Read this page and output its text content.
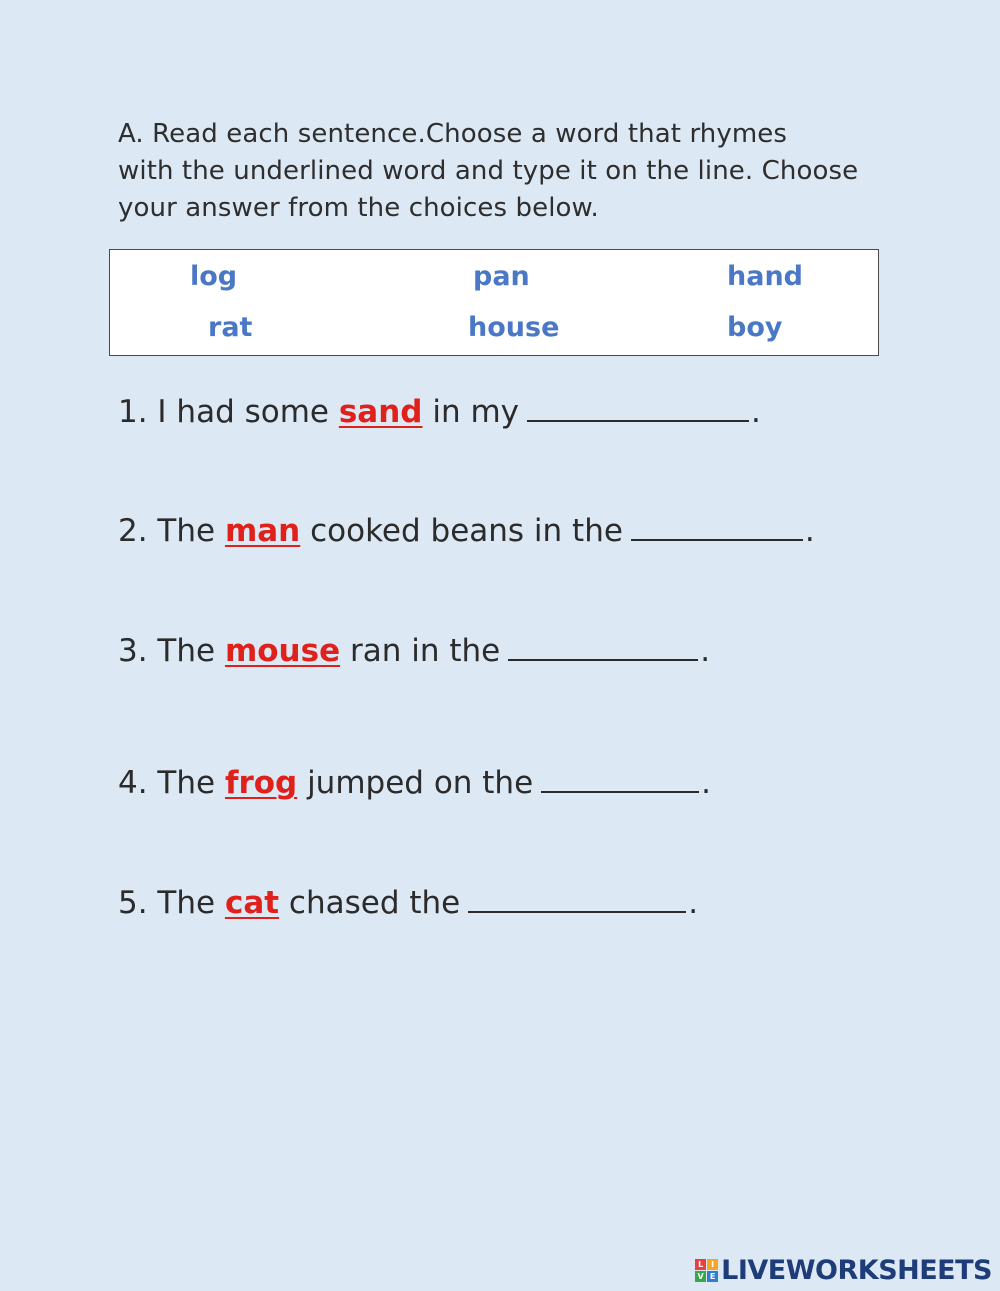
A. Read each sentence.Choose a word that rhymes
with the underlined word and type it on the line. Choose
your answer from the choices below.
log	pan	hand
rat	house	boy
1. I had some sand in my	.
2. The man cooked beans in the	.
3. The mouse ran in the	.
4. The frog jumped on the	.
5. The cat chased the	.
L I
V E LIVEWORKSHEETS
